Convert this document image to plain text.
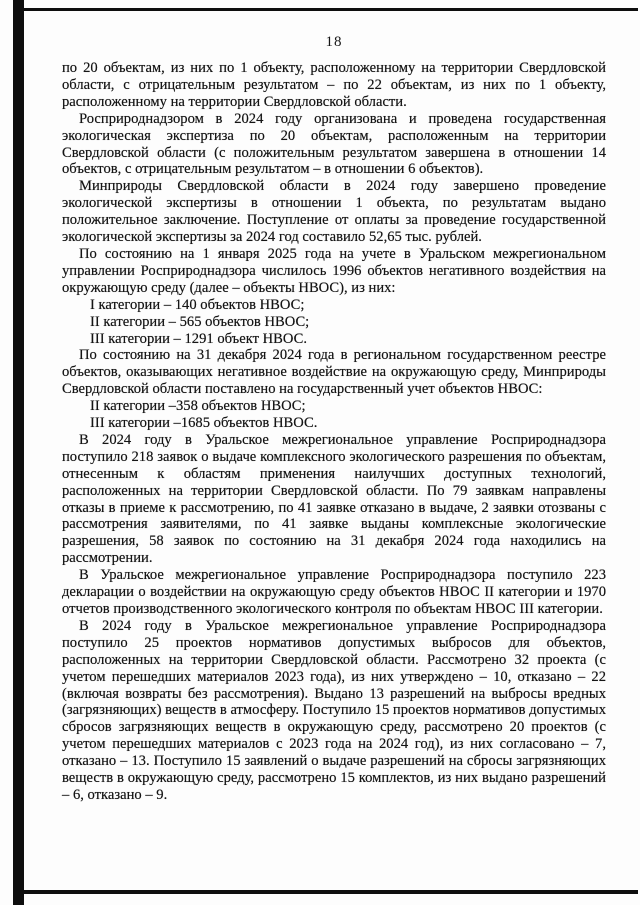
18

по 20 объектам, из них по 1 объекту, расположенному на территории Свердловской области, с отрицательным результатом – по 22 объектам, из них по 1 объекту, расположенному на территории Свердловской области.

Росприроднадзором в 2024 году организована и проведена государственная экологическая экспертиза по 20 объектам, расположенным на территории Свердловской области (с положительным результатом завершена в отношении 14 объектов, с отрицательным результатом – в отношении 6 объектов).

Минприроды Свердловской области в 2024 году завершено проведение экологической экспертизы в отношении 1 объекта, по результатам выдано положительное заключение. Поступление от оплаты за проведение государственной экологической экспертизы за 2024 год составило 52,65 тыс. рублей.

По состоянию на 1 января 2025 года на учете в Уральском межрегиональном управлении Росприроднадзора числилось 1996 объектов негативного воздействия на окружающую среду (далее – объекты НВОС), из них:

I категории – 140 объектов НВОС;

II категории – 565 объектов НВОС;

III категории – 1291 объект НВОС.

По состоянию на 31 декабря 2024 года в региональном государственном реестре объектов, оказывающих негативное воздействие на окружающую среду, Минприроды Свердловской области поставлено на государственный учет объектов НВОС:

II категории –358 объектов НВОС;

III категории –1685 объектов НВОС.

В 2024 году в Уральское межрегиональное управление Росприроднадзора поступило 218 заявок о выдаче комплексного экологического разрешения по объектам, отнесенным к областям применения наилучших доступных технологий, расположенных на территории Свердловской области. По 79 заявкам направлены отказы в приеме к рассмотрению, по 41 заявке отказано в выдаче, 2 заявки отозваны с рассмотрения заявителями, по 41 заявке выданы комплексные экологические разрешения, 58 заявок по состоянию на 31 декабря 2024 года находились на рассмотрении.

В Уральское межрегиональное управление Росприроднадзора поступило 223 декларации о воздействии на окружающую среду объектов НВОС II категории и 1970 отчетов производственного экологического контроля по объектам НВОС III категории.

В 2024 году в Уральское межрегиональное управление Росприроднадзора поступило 25 проектов нормативов допустимых выбросов для объектов, расположенных на территории Свердловской области. Рассмотрено 32 проекта (с учетом перешедших материалов 2023 года), из них утверждено – 10, отказано – 22 (включая возвраты без рассмотрения). Выдано 13 разрешений на выбросы вредных (загрязняющих) веществ в атмосферу. Поступило 15 проектов нормативов допустимых сбросов загрязняющих веществ в окружающую среду, рассмотрено 20 проектов (с учетом перешедших материалов с 2023 года на 2024 год), из них согласовано – 7, отказано – 13. Поступило 15 заявлений о выдаче разрешений на сбросы загрязняющих веществ в окружающую среду, рассмотрено 15 комплектов, из них выдано разрешений – 6, отказано – 9.
